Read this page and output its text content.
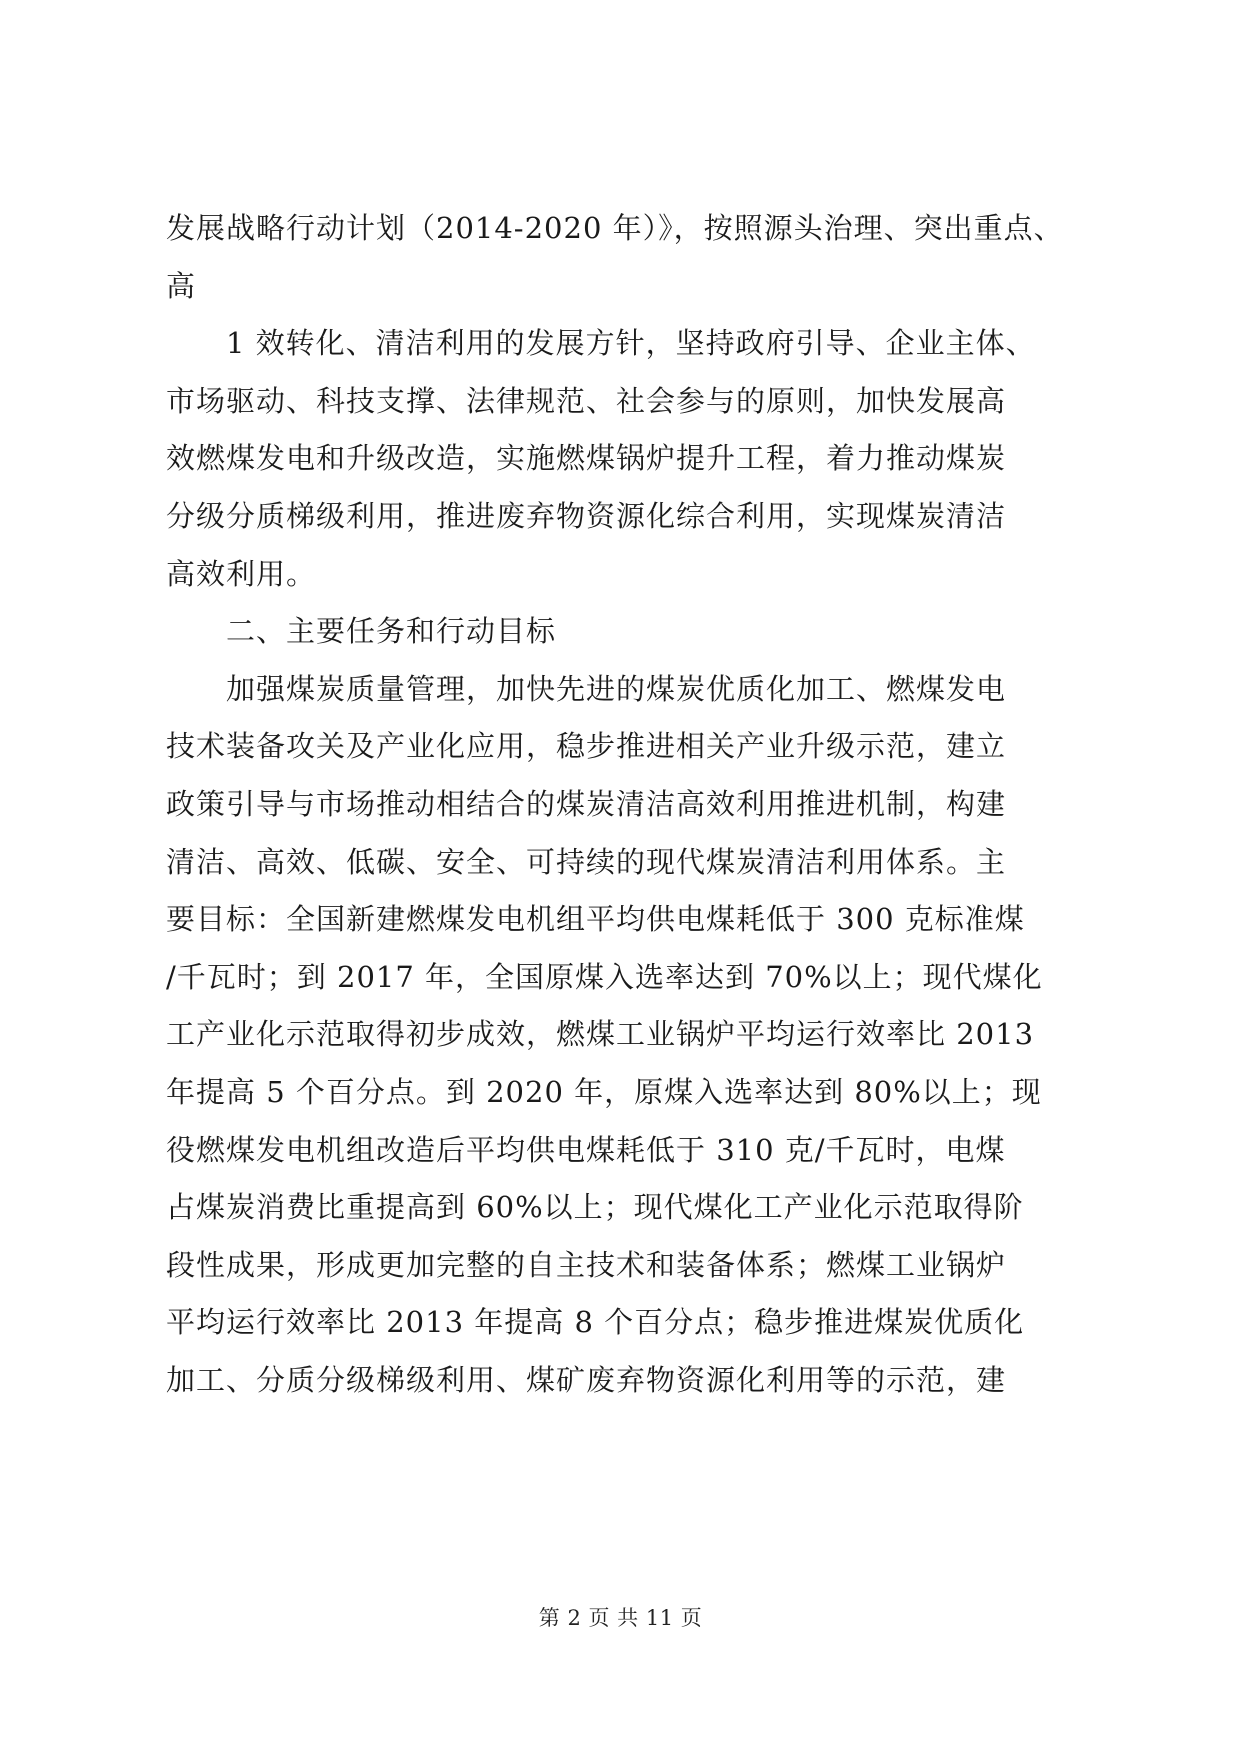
发展战略行动计划（2014-2020 年）》，按照源头治理、突出重点、
高
1 效转化、清洁利用的发展方针，坚持政府引导、企业主体、
市场驱动、科技支撑、法律规范、社会参与的原则，加快发展高
效燃煤发电和升级改造，实施燃煤锅炉提升工程，着力推动煤炭
分级分质梯级利用，推进废弃物资源化综合利用，实现煤炭清洁
高效利用。
二、主要任务和行动目标
加强煤炭质量管理，加快先进的煤炭优质化加工、燃煤发电
技术装备攻关及产业化应用，稳步推进相关产业升级示范，建立
政策引导与市场推动相结合的煤炭清洁高效利用推进机制，构建
清洁、高效、低碳、安全、可持续的现代煤炭清洁利用体系。主
要目标：全国新建燃煤发电机组平均供电煤耗低于 300 克标准煤
/千瓦时；到 2017 年，全国原煤入选率达到 70%以上；现代煤化
工产业化示范取得初步成效，燃煤工业锅炉平均运行效率比 2013
年提高 5 个百分点。到 2020 年，原煤入选率达到 80%以上；现
役燃煤发电机组改造后平均供电煤耗低于 310 克/千瓦时，电煤
占煤炭消费比重提高到 60%以上；现代煤化工产业化示范取得阶
段性成果，形成更加完整的自主技术和装备体系；燃煤工业锅炉
平均运行效率比 2013 年提高 8 个百分点；稳步推进煤炭优质化
加工、分质分级梯级利用、煤矿废弃物资源化利用等的示范，建
第 2 页 共 11 页
